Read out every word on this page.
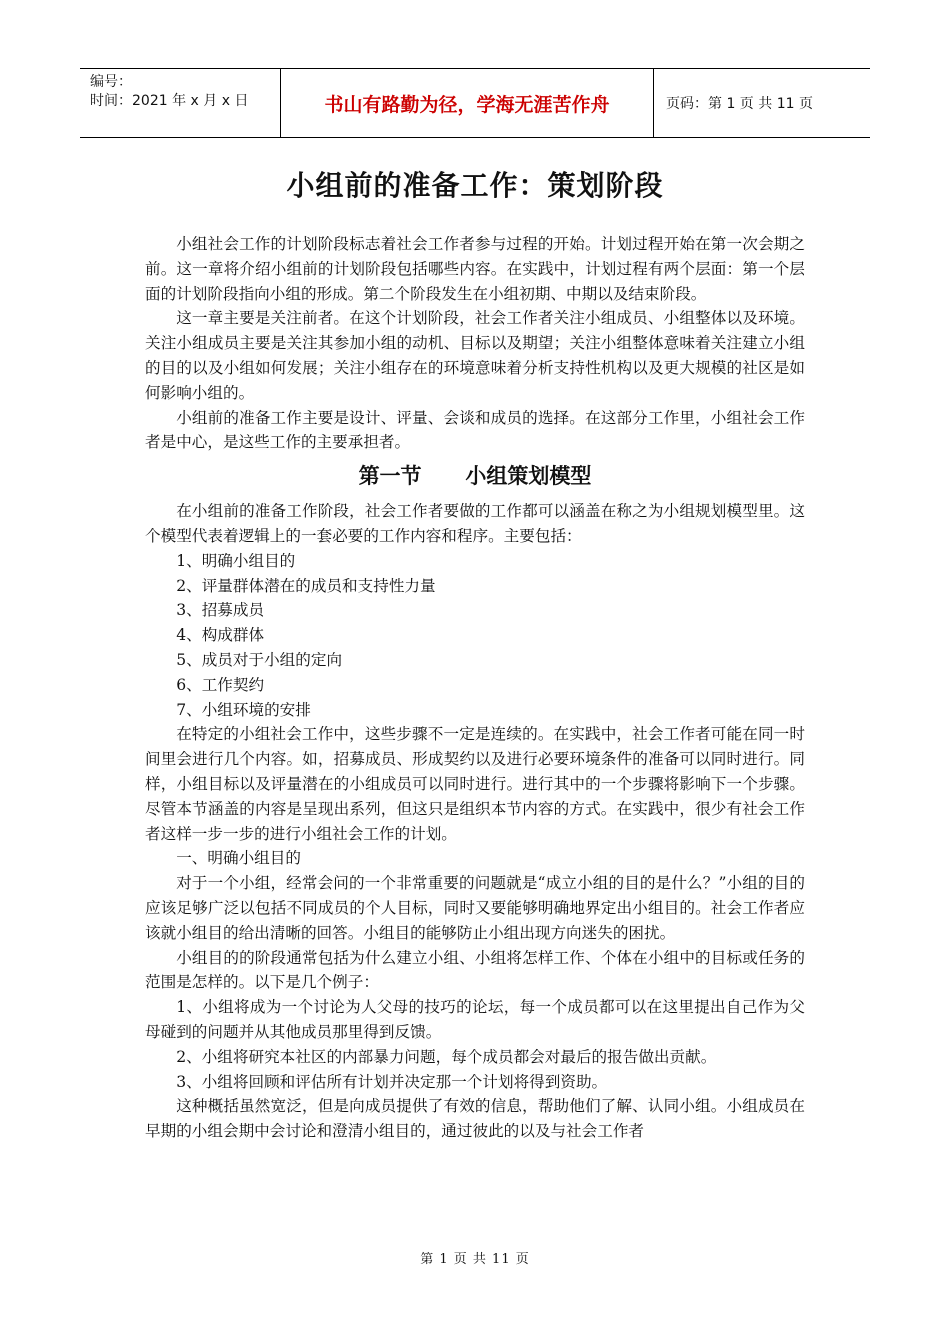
编号：
时间：2021 年 x 月 x 日	书山有路勤为径，学海无涯苦作舟	页码：第 1 页 共 11 页
小组前的准备工作：策划阶段

小组社会工作的计划阶段标志着社会工作者参与过程的开始。计划过程开始在第一次会期之前。这一章将介绍小组前的计划阶段包括哪些内容。在实践中，计划过程有两个层面：第一个层面的计划阶段指向小组的形成。第二个阶段发生在小组初期、中期以及结束阶段。

这一章主要是关注前者。在这个计划阶段，社会工作者关注小组成员、小组整体以及环境。关注小组成员主要是关注其参加小组的动机、目标以及期望；关注小组整体意味着关注建立小组的目的以及小组如何发展；关注小组存在的环境意味着分析支持性机构以及更大规模的社区是如何影响小组的。

小组前的准备工作主要是设计、评量、会谈和成员的选择。在这部分工作里，小组社会工作者是中心，是这些工作的主要承担者。

第一节      小组策划模型

在小组前的准备工作阶段，社会工作者要做的工作都可以涵盖在称之为小组规划模型里。这个模型代表着逻辑上的一套必要的工作内容和程序。主要包括：

1、明确小组目的

2、评量群体潜在的成员和支持性力量

3、招募成员

4、构成群体

5、成员对于小组的定向

6、工作契约

7、小组环境的安排

在特定的小组社会工作中，这些步骤不一定是连续的。在实践中，社会工作者可能在同一时间里会进行几个内容。如，招募成员、形成契约以及进行必要环境条件的准备可以同时进行。同样，小组目标以及评量潜在的小组成员可以同时进行。进行其中的一个步骤将影响下一个步骤。尽管本节涵盖的内容是呈现出系列，但这只是组织本节内容的方式。在实践中，很少有社会工作者这样一步一步的进行小组社会工作的计划。

一、明确小组目的

对于一个小组，经常会问的一个非常重要的问题就是“成立小组的目的是什么？”小组的目的应该足够广泛以包括不同成员的个人目标，同时又要能够明确地界定出小组目的。社会工作者应该就小组目的给出清晰的回答。小组目的能够防止小组出现方向迷失的困扰。

小组目的的阶段通常包括为什么建立小组、小组将怎样工作、个体在小组中的目标或任务的范围是怎样的。以下是几个例子：

1、小组将成为一个讨论为人父母的技巧的论坛，每一个成员都可以在这里提出自己作为父母碰到的问题并从其他成员那里得到反馈。

2、小组将研究本社区的内部暴力问题，每个成员都会对最后的报告做出贡献。

3、小组将回顾和评估所有计划并决定那一个计划将得到资助。

这种概括虽然宽泛，但是向成员提供了有效的信息，帮助他们了解、认同小组。小组成员在早期的小组会期中会讨论和澄清小组目的，通过彼此的以及与社会工作者

第 1 页 共 11 页
